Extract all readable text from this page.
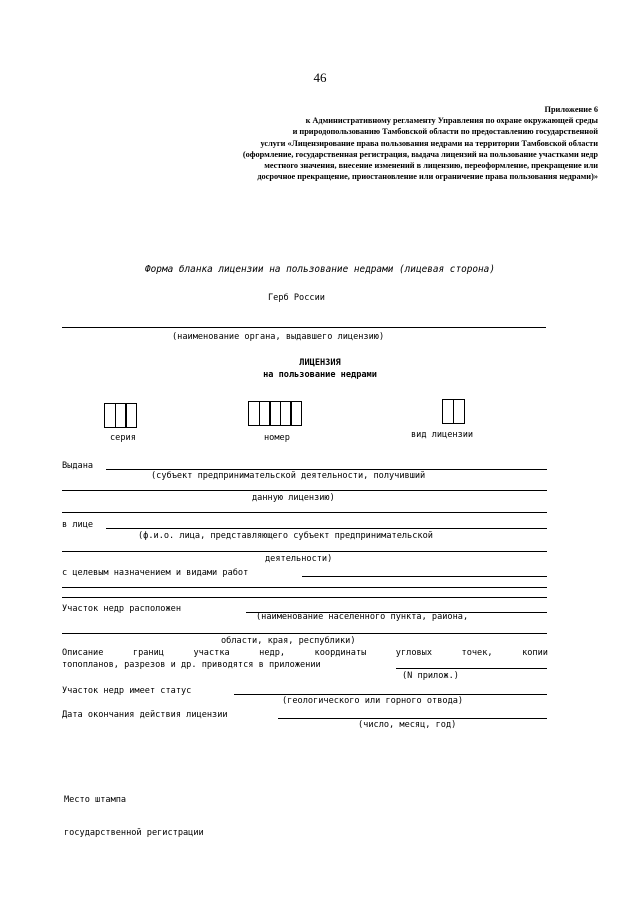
46
Приложение 6
к Административному регламенту Управления по охране окружающей среды
и природопользованию Тамбовской области по предоставлению государственной
услуги «Лицензирование права пользования недрами на территории Тамбовской области
(оформление, государственная регистрация, выдача лицензий на пользование участками недр
местного значения, внесение изменений в лицензию, переоформление, прекращение или
досрочное прекращение, приостановление или ограничение права пользования недрами)»
Форма бланка лицензии на пользование недрами (лицевая сторона)
Герб России
(наименование органа, выдавшего лицензию)
ЛИЦЕНЗИЯ
на пользование недрами
серия	номер	вид лицензии
Выдана
(субъект предпринимательской деятельности, получивший
данную лицензию)
в лице
(ф.и.о. лица, представляющего субъект предпринимательской
деятельности)
с целевым назначением и видами работ
Участок недр расположен
(наименование населенного пункта, района,
области, края, республики)
Описание	границ	участка	недр,	координаты	угловых	точек,	копии
топопланов, разрезов и др. приводятся в приложении
(N прилож.)
Участок недр имеет статус
(геологического или горного отвода)
Дата окончания действия лицензии
(число, месяц, год)

Место штампа

государственной регистрации
